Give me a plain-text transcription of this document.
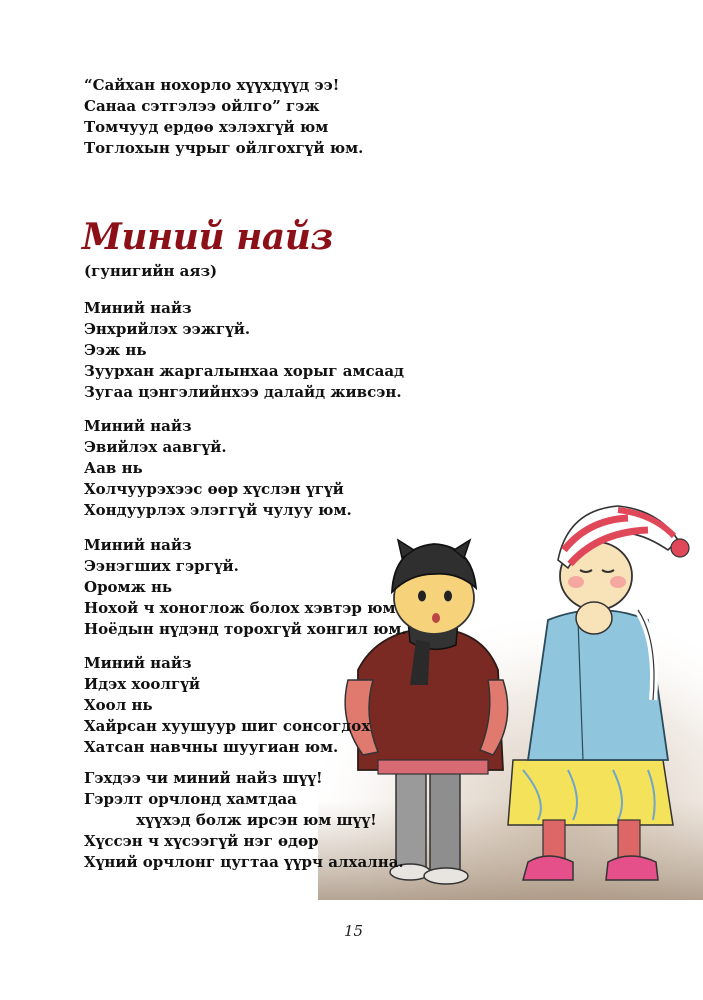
“Сайхан нохорло хүүхдүүд ээ!
Санаа сэтгэлээ ойлго” гэж
Томчууд ердөө хэлэхгүй юм
Тоглохын учрыг ойлгохгүй юм.
Миний найз
(гунигийн аяз)
Миний найз
Энхрийлэх ээжгүй.
Ээж нь
Зуурхан жаргалынхаа хорыг амсаад
Зугаа цэнгэлийнхээ далайд живсэн.
Миний найз
Эвийлэх аавгүй.
Аав нь
Холчуурэхээс өөр хүслэн үгүй
Хондуурлэх элэггүй чулуу юм.
Миний найз
Ээнэгших гэргүй.
Оромж нь
Нохой ч хоноглож болох хэвтэр юм
Ноёдын нүдэнд торохгүй хонгил юм.
Миний найз
Идэх хоолгүй
Хоол нь
Хайрсан хуушуур шиг сонсогдох
Хатсан навчны шуугиан юм.
Гэхдээ чи миний найз шүү!
Гэрэлт орчлонд хамтдаа
хүүхэд болж ирсэн юм шүү!
Хүссэн ч хүсээгүй нэг өдөр
Хүний орчлонг цугтаа үүрч алхална.
15
